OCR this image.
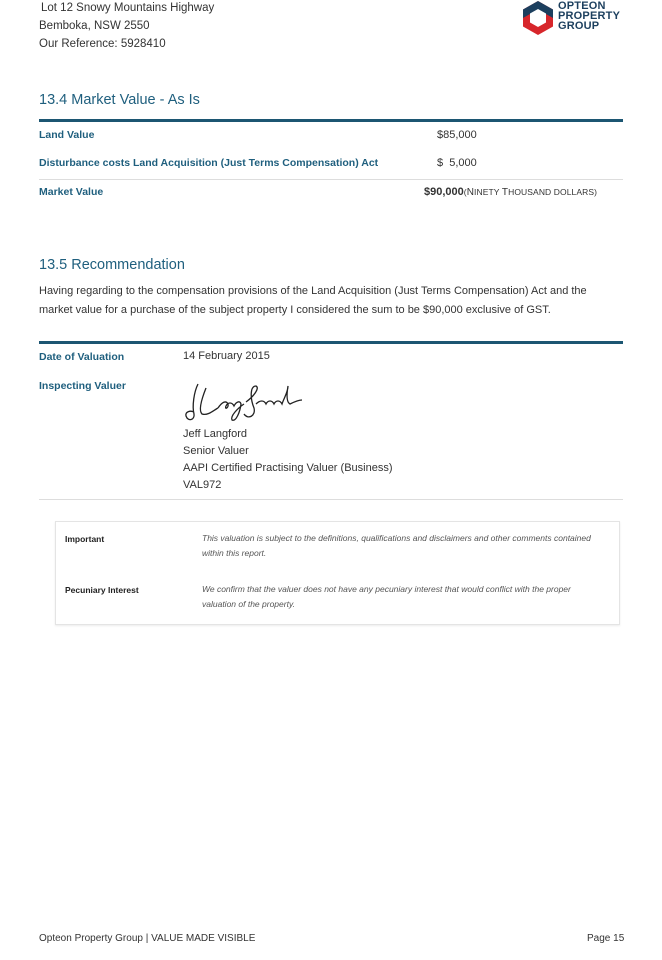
Lot 12 Snowy Mountains Highway
Bemboka, NSW 2550
Our Reference: 5928410
OPTEON
PROPERTY
GROUP
13.4 Market Value - As Is
Land Value	$85,000
Disturbance costs Land Acquisition (Just Terms Compensation) Act	$  5,000
Market Value	$90,000(NINETY THOUSAND DOLLARS)
13.5 Recommendation
Having regarding to the compensation provisions of the Land Acquisition (Just Terms Compensation) Act and the market value for a purchase of the subject property I considered the sum to be $90,000 exclusive of GST.
Date of Valuation	14 February 2015
Inspecting Valuer
Jeff Langford
Senior Valuer
AAPI Certified Practising Valuer (Business)
VAL972
Important	This valuation is subject to the definitions, qualifications and disclaimers and other comments contained within this report.
Pecuniary Interest	We confirm that the valuer does not have any pecuniary interest that would conflict with the proper valuation of the property.
Opteon Property Group | VALUE MADE VISIBLE	Page 15
